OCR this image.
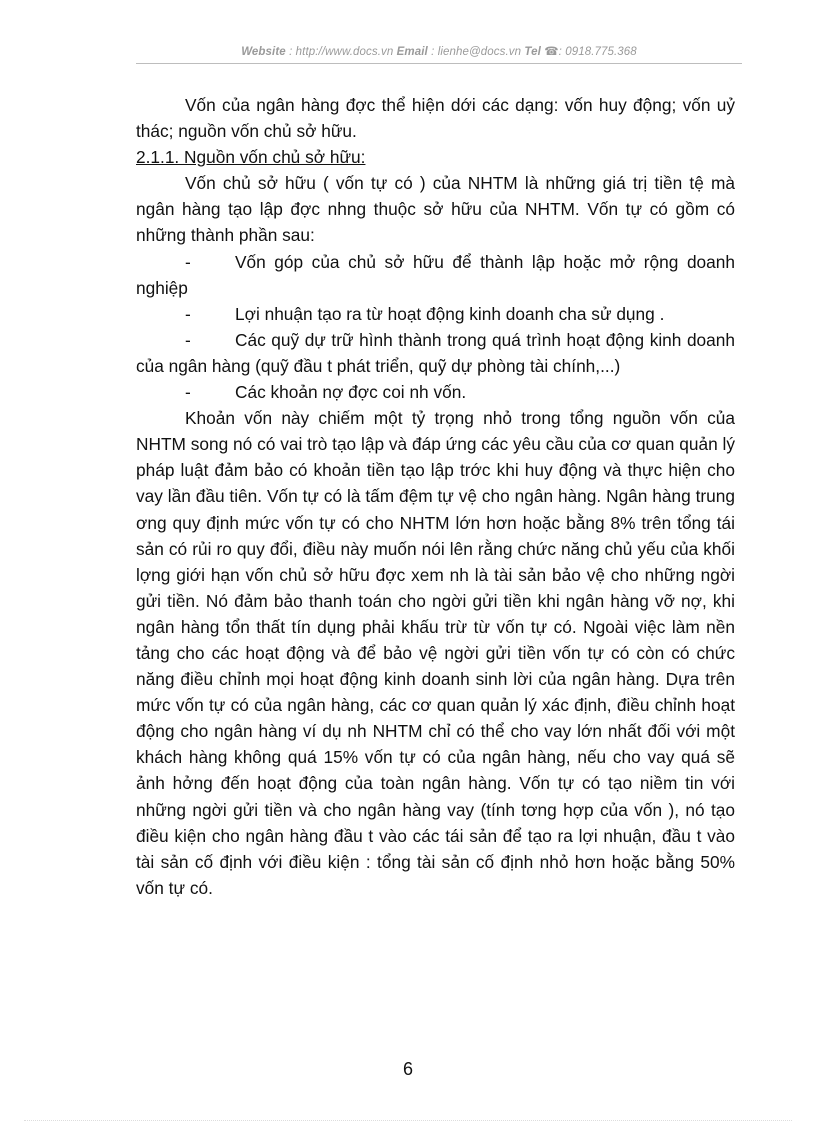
Website : http://www.docs.vn Email : lienhe@docs.vn Tel ☎: 0918.775.368

Vốn của ngân hàng đợc thể hiện dới các dạng: vốn huy động; vốn uỷ thác; nguồn vốn chủ sở hữu.

2.1.1. Nguồn vốn chủ sở hữu:

Vốn chủ sở hữu ( vốn tự có ) của NHTM là những giá trị tiền tệ mà ngân hàng tạo lập đợc nhng thuộc sở hữu của NHTM. Vốn tự có gồm có những thành phần sau:

-	Vốn góp của chủ sở hữu để thành lập hoặc mở rộng doanh nghiệp

-	Lợi nhuận tạo ra từ hoạt động kinh doanh cha sử dụng .

-	Các quỹ dự trữ hình thành trong quá trình hoạt động kinh doanh của ngân hàng (quỹ đầu t phát triển, quỹ dự phòng tài chính,...)

-	Các khoản nợ đợc coi nh vốn.

Khoản vốn này chiếm một tỷ trọng nhỏ trong tổng nguồn vốn của NHTM song nó có vai trò tạo lập và đáp ứng các yêu cầu của cơ quan quản lý pháp luật đảm bảo có khoản tiền tạo lập trớc khi huy động và thực hiện cho vay lần đầu tiên. Vốn tự có là tấm đệm tự vệ cho ngân hàng. Ngân hàng trung ơng quy định mức vốn tự có cho NHTM lớn hơn hoặc bằng 8% trên tổng tái sản có rủi ro quy đổi, điều này muốn nói lên rằng chức năng chủ yếu của khối lợng giới hạn vốn chủ sở hữu đợc xem nh là tài sản bảo vệ cho những ngời gửi tiền. Nó đảm bảo thanh toán cho ngời gửi tiền khi ngân hàng vỡ nợ, khi ngân hàng tổn thất tín dụng phải khấu trừ từ vốn tự có. Ngoài việc làm nền tảng cho các hoạt động và để bảo vệ ngời gửi tiền vốn tự có còn có chức năng điều chỉnh mọi hoạt động kinh doanh sinh lời của ngân hàng. Dựa trên mức vốn tự có của ngân hàng, các cơ quan quản lý xác định, điều chỉnh hoạt động cho ngân hàng ví dụ nh NHTM chỉ có thể cho vay lớn nhất đối với một khách hàng không quá 15% vốn tự có của ngân hàng, nếu cho vay quá sẽ ảnh hởng đến hoạt động của toàn ngân hàng. Vốn tự có tạo niềm tin với những ngời gửi tiền và cho ngân hàng vay (tính tơng hợp của vốn ), nó tạo điều kiện cho ngân hàng đầu t vào các tái sản để tạo ra lợi nhuận, đầu t vào tài sản cố định với điều kiện : tổng tài sản cố định nhỏ hơn hoặc bằng 50% vốn tự có.

6
